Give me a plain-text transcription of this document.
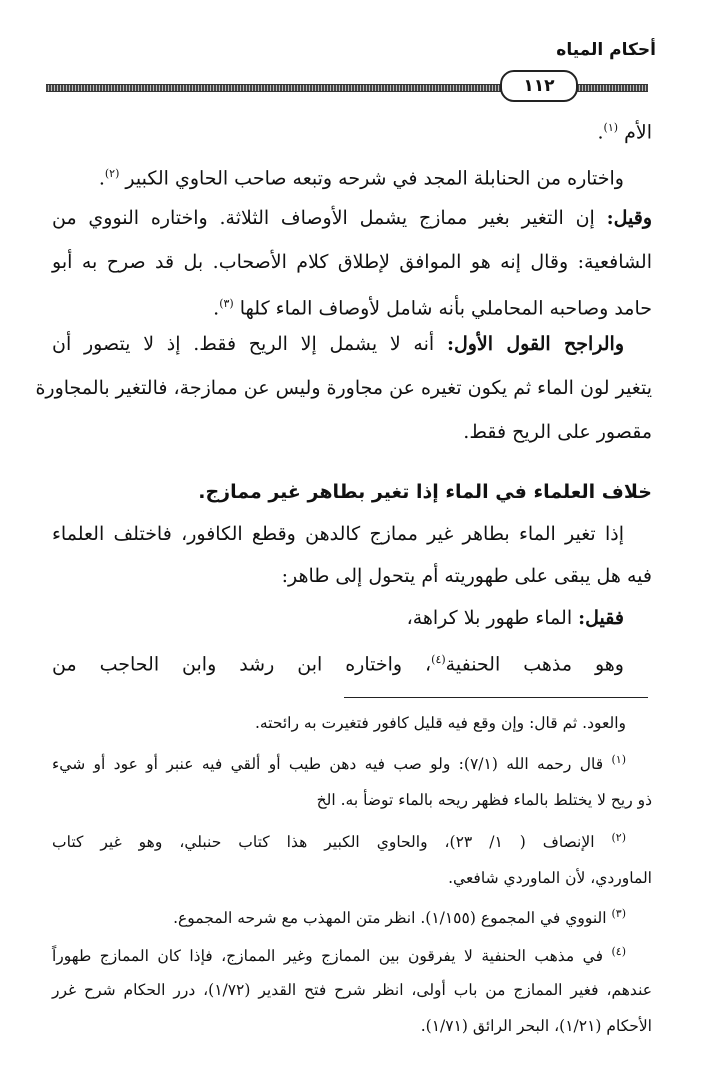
أحكام المياه
١١٢
الأم $^{(١)}$.
واختاره من الحنابلة المجد في شرحه وتبعه صاحب الحاوي الكبير $^{(٢)}$.
وقيل: إن التغير بغير ممازج يشمل الأوصاف الثلاثة. واختاره النووي من
الشافعية: وقال إنه هو الموافق لإطلاق كلام الأصحاب. بل قد صرح به أبو
حامد وصاحبه المحاملي بأنه شامل لأوصاف الماء كلها $^{(٣)}$.
والراجح القول الأول: أنه لا يشمل إلا الريح فقط. إذ لا يتصور أن
يتغير لون الماء ثم يكون تغيره عن مجاورة وليس عن ممازجة، فالتغير بالمجاورة
مقصور على الريح فقط.
خلاف العلماء في الماء إذا تغير بطاهر غير ممازج.
إذا تغير الماء بطاهر غير ممازج كالدهن وقطع الكافور، فاختلف العلماء
فيه هل يبقى على طهوريته أم يتحول إلى طاهر:
فقيل: الماء طهور بلا كراهة،
وهو مذهب الحنفية$^{(٤)}$، واختاره ابن رشد وابن الحاجب من
والعود. ثم قال: وإن وقع فيه قليل كافور فتغيرت به رائحته.
$^{(١)}$ قال رحمه الله (٧/١): ولو صب فيه دهن طيب أو ألقي فيه عنبر أو عود أو شيء
ذو ريح لا يختلط بالماء فظهر ريحه بالماء توضأ به. الخ
$^{(٢)}$ الإنصاف ( ١/ ٢٣)، والحاوي الكبير هذا كتاب حنبلي، وهو غير كتاب
الماوردي، لأن الماوردي شافعي.
$^{(٣)}$ النووي في المجموع (١/١٥٥). انظر متن المهذب مع شرحه المجموع.
$^{(٤)}$ في مذهب الحنفية لا يفرقون بين الممازج وغير الممازج، فإذا كان الممازج طهوراً
عندهم، فغير الممازج من باب أولى، انظر شرح فتح القدير (١/٧٢)، درر الحكام شرح غرر
الأحكام (١/٢١)، البحر الرائق (١/٧١).
